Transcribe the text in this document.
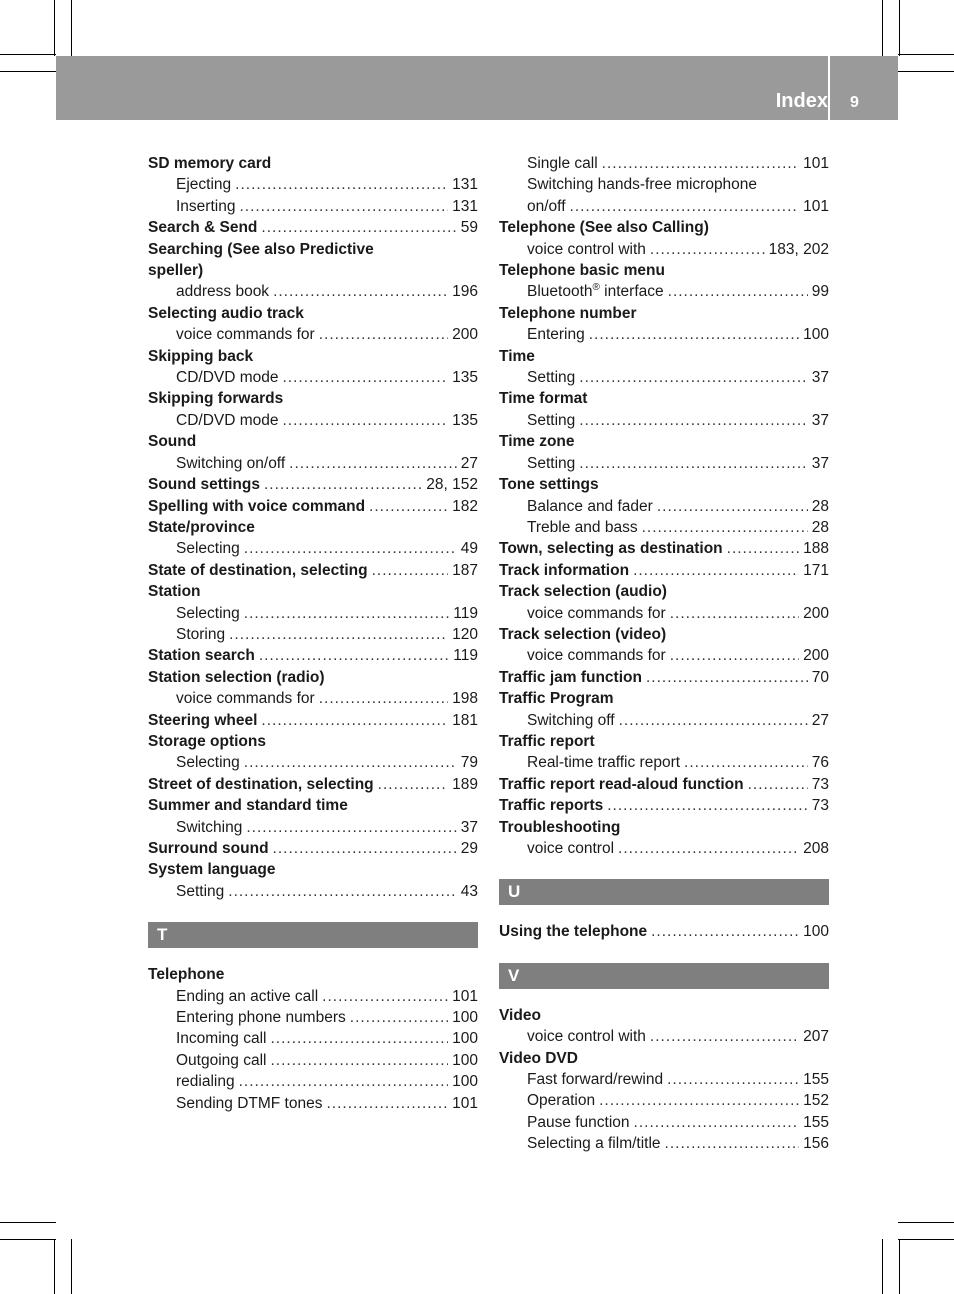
Index 9
SD memory card
Ejecting .....	131
Inserting .....	131
Search & Send .....	59
Searching (See also Predictive
speller)
address book .....	196
Selecting audio track
voice commands for .....	200
Skipping back
CD/DVD mode .....	135
Skipping forwards
CD/DVD mode .....	135
Sound
Switching on/off .....	27
Sound settings .....	28, 152
Spelling with voice command .....	182
State/province
Selecting .....	49
State of destination, selecting .....	187
Station
Selecting .....	119
Storing .....	120
Station search .....	119
Station selection (radio)
voice commands for .....	198
Steering wheel .....	181
Storage options
Selecting .....	79
Street of destination, selecting .....	189
Summer and standard time
Switching .....	37
Surround sound .....	29
System language
Setting .....	43
T
Telephone
Ending an active call .....	101
Entering phone numbers .....	100
Incoming call .....	100
Outgoing call .....	100
redialing .....	100
Sending DTMF tones .....	101
Single call .....	101
Switching hands-free microphone
on/off .....	101
Telephone (See also Calling)
voice control with .....	183, 202
Telephone basic menu
Bluetooth® interface .....	99
Telephone number
Entering .....	100
Time
Setting .....	37
Time format
Setting .....	37
Time zone
Setting .....	37
Tone settings
Balance and fader .....	28
Treble and bass .....	28
Town, selecting as destination .....	188
Track information .....	171
Track selection (audio)
voice commands for .....	200
Track selection (video)
voice commands for .....	200
Traffic jam function .....	70
Traffic Program
Switching off .....	27
Traffic report
Real-time traffic report .....	76
Traffic report read-aloud function .....	73
Traffic reports .....	73
Troubleshooting
voice control .....	208
U
Using the telephone .....	100
V
Video
voice control with .....	207
Video DVD
Fast forward/rewind .....	155
Operation .....	152
Pause function .....	155
Selecting a film/title .....	156
